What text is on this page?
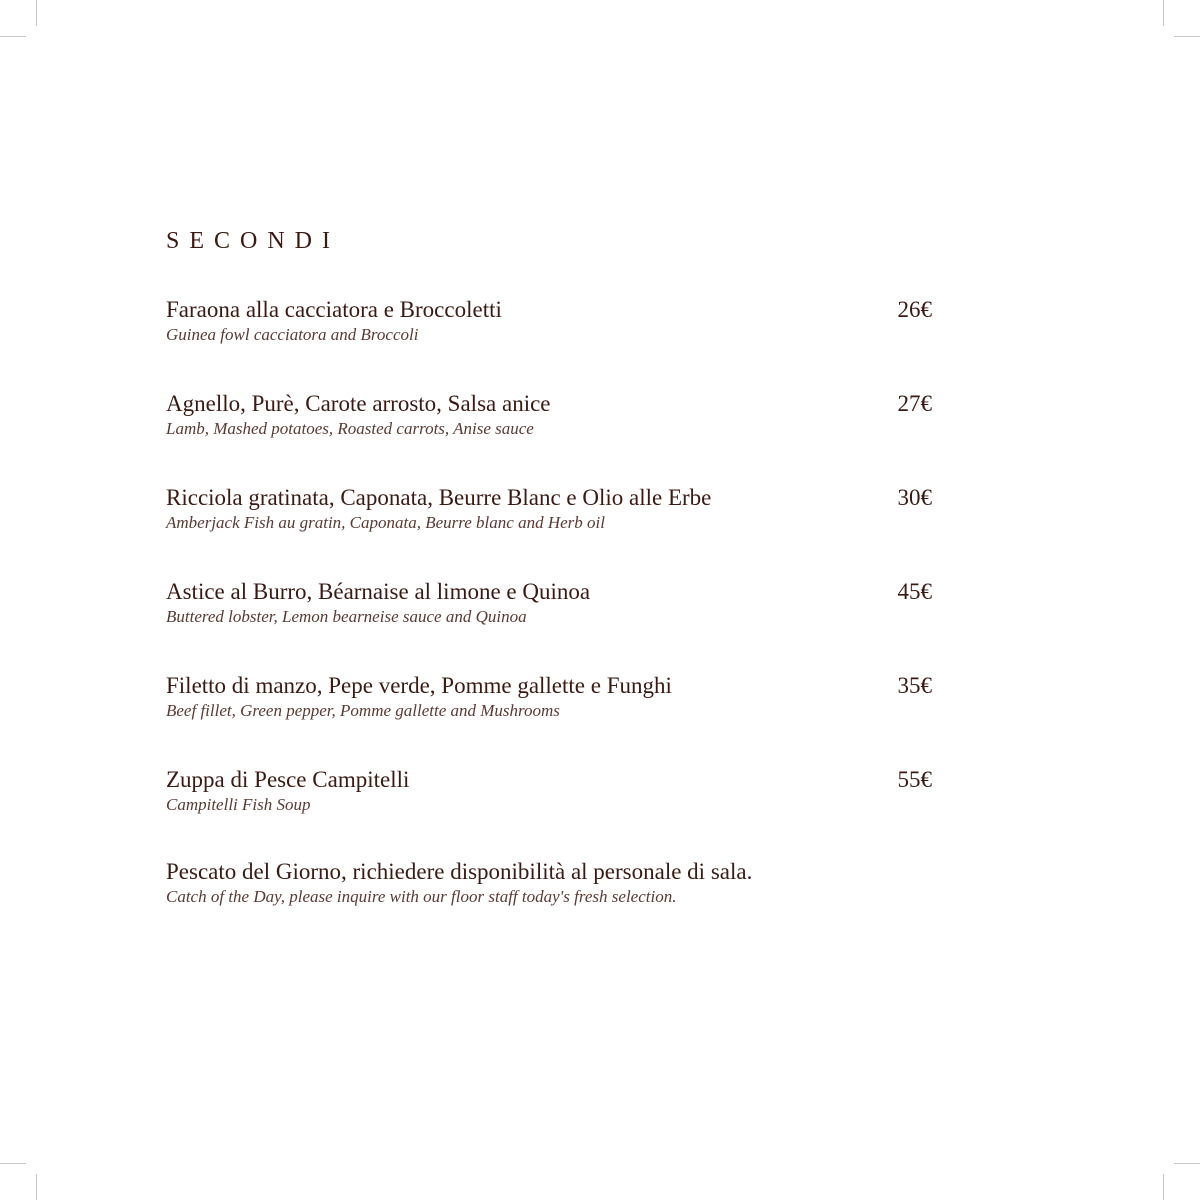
SECONDI
Faraona alla cacciatora e Broccoletti
Guinea fowl cacciatora and Broccoli
26€
Agnello, Purè, Carote arrosto, Salsa anice
Lamb, Mashed potatoes, Roasted carrots, Anise sauce
27€
Ricciola gratinata, Caponata, Beurre Blanc e Olio alle Erbe
Amberjack Fish au gratin, Caponata, Beurre blanc and Herb oil
30€
Astice al Burro, Béarnaise al limone e Quinoa
Buttered lobster, Lemon bearneise sauce and Quinoa
45€
Filetto di manzo, Pepe verde, Pomme gallette e Funghi
Beef fillet, Green pepper, Pomme gallette and Mushrooms
35€
Zuppa di Pesce Campitelli
Campitelli Fish Soup
55€
Pescato del Giorno, richiedere disponibilità al personale di sala.
Catch of the Day, please inquire with our floor staff today's fresh selection.
